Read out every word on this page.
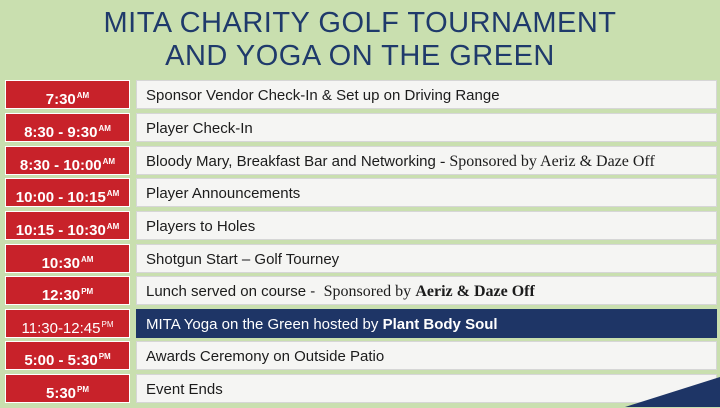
MITA CHARITY GOLF TOURNAMENT
AND YOGA ON THE GREEN
$7:30^{AM}$	Sponsor Vendor Check-In & Set up on Driving Range
8:30 - $9:30^{AM}$	Player Check-In
8:30 - $10:00^{AM}$	Bloody Mary, Breakfast Bar and Networking - Sponsored by Aeriz & Daze Off
10:00 - $10:15^{AM}$	Player Announcements
10:15 - $10:30^{AM}$	Players to Holes
$10:30^{AM}$	Shotgun Start – Golf Tourney
$12:30^{PM}$	Lunch served on course - Sponsored by Aeriz & Daze Off
$11:30-12:45^{PM}$	MITA Yoga on the Green hosted by Plant Body Soul
5:00 - $5:30^{PM}$	Awards Ceremony on Outside Patio
$5:30^{PM}$	Event Ends
